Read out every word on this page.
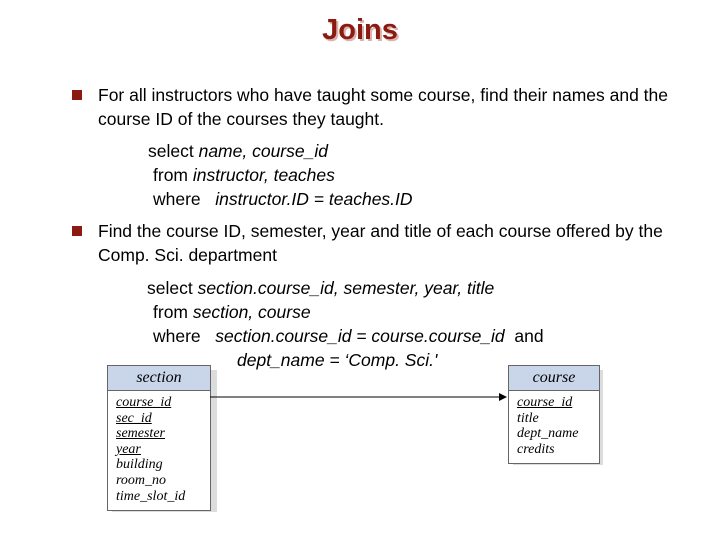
Joins
For all instructors who have taught some course, find their names and the course ID of the courses they taught.
select name, course_id
from instructor, teaches
where   instructor.ID = teaches.ID
Find the course ID, semester, year and title of each course offered by the Comp. Sci. department
select section.course_id, semester, year, title
from section, course
where   section.course_id = course.course_id and
dept_name = ‘Comp. Sci.'
section
course_id
sec_id
semester
year
building
room_no
time_slot_id
course
course_id
title
dept_name
credits
